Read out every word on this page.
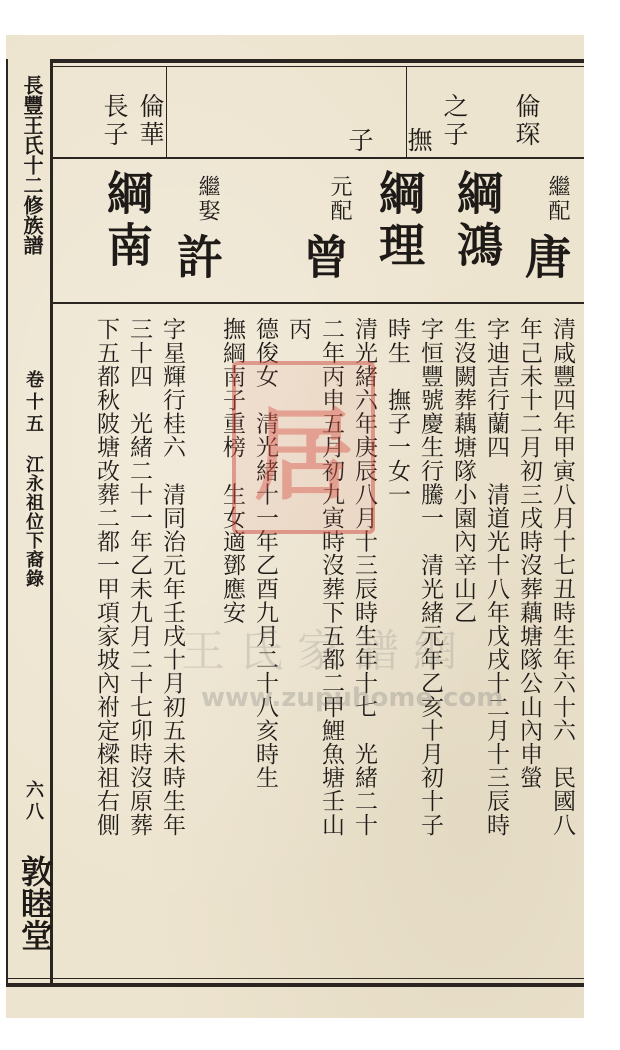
長豐王氏十二修族譜
卷十五
江永祖位下裔錄
六八
敦睦堂
倫琛
之子
撫
子
倫華
長子
繼配
唐
綱鴻
綱理
元配
曾
繼娶
許
綱南
清咸豐四年甲寅八月十七丑時生年六十六　民國八
年己未十二月初三戌時沒葬藕塘隊公山內申螢
字迪吉行蘭四　清道光十八年戊戌十二月十三辰時
生沒闕葬藕塘隊小園內辛山乙
字恒豐號慶生行騰一　清光緒元年乙亥十月初十子
時生　撫子一女一
清光緒六年庚辰八月十三辰時生年十七　光緒二十
二年丙申五月初九寅時沒葬下五都二甲鯉魚塘壬山
丙
德俊女　清光緒十一年乙酉九月二十八亥時生
撫綱南子重榜　生女適鄧應安
字星輝行桂六　清同治元年壬戌十月初五未時生年
三十四　光緒二十一年乙未九月二十七卯時沒原葬
下五都秋陂塘改葬二都一甲項家坡內祔定樑祖右側 居
王氏家譜網
www.zupuhome.com
